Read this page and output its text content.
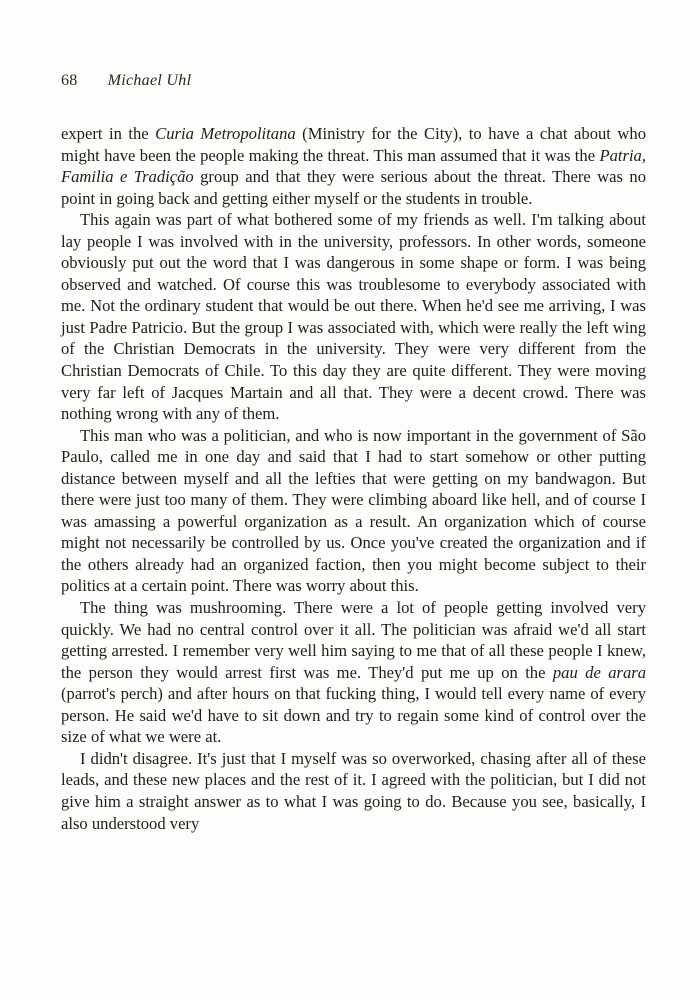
68 Michael Uhl

expert in the Curia Metropolitana (Ministry for the City), to have a chat about who might have been the people making the threat. This man assumed that it was the Patria, Familia e Tradição group and that they were serious about the threat. There was no point in going back and getting either myself or the students in trouble.

This again was part of what bothered some of my friends as well. I'm talking about lay people I was involved with in the university, professors. In other words, someone obviously put out the word that I was dangerous in some shape or form. I was being observed and watched. Of course this was troublesome to everybody associated with me. Not the ordinary student that would be out there. When he'd see me arriving, I was just Padre Patricio. But the group I was associated with, which were really the left wing of the Christian Democrats in the university. They were very different from the Christian Democrats of Chile. To this day they are quite different. They were moving very far left of Jacques Martain and all that. They were a decent crowd. There was nothing wrong with any of them.

This man who was a politician, and who is now important in the government of São Paulo, called me in one day and said that I had to start somehow or other putting distance between myself and all the lefties that were getting on my bandwagon. But there were just too many of them. They were climbing aboard like hell, and of course I was amassing a powerful organization as a result. An organization which of course might not necessarily be controlled by us. Once you've created the organization and if the others already had an organized faction, then you might become subject to their politics at a certain point. There was worry about this.

The thing was mushrooming. There were a lot of people getting involved very quickly. We had no central control over it all. The politician was afraid we'd all start getting arrested. I remember very well him saying to me that of all these people I knew, the person they would arrest first was me. They'd put me up on the pau de arara (parrot's perch) and after hours on that fucking thing, I would tell every name of every person. He said we'd have to sit down and try to regain some kind of control over the size of what we were at.

I didn't disagree. It's just that I myself was so overworked, chasing after all of these leads, and these new places and the rest of it. I agreed with the politician, but I did not give him a straight answer as to what I was going to do. Because you see, basically, I also understood very
